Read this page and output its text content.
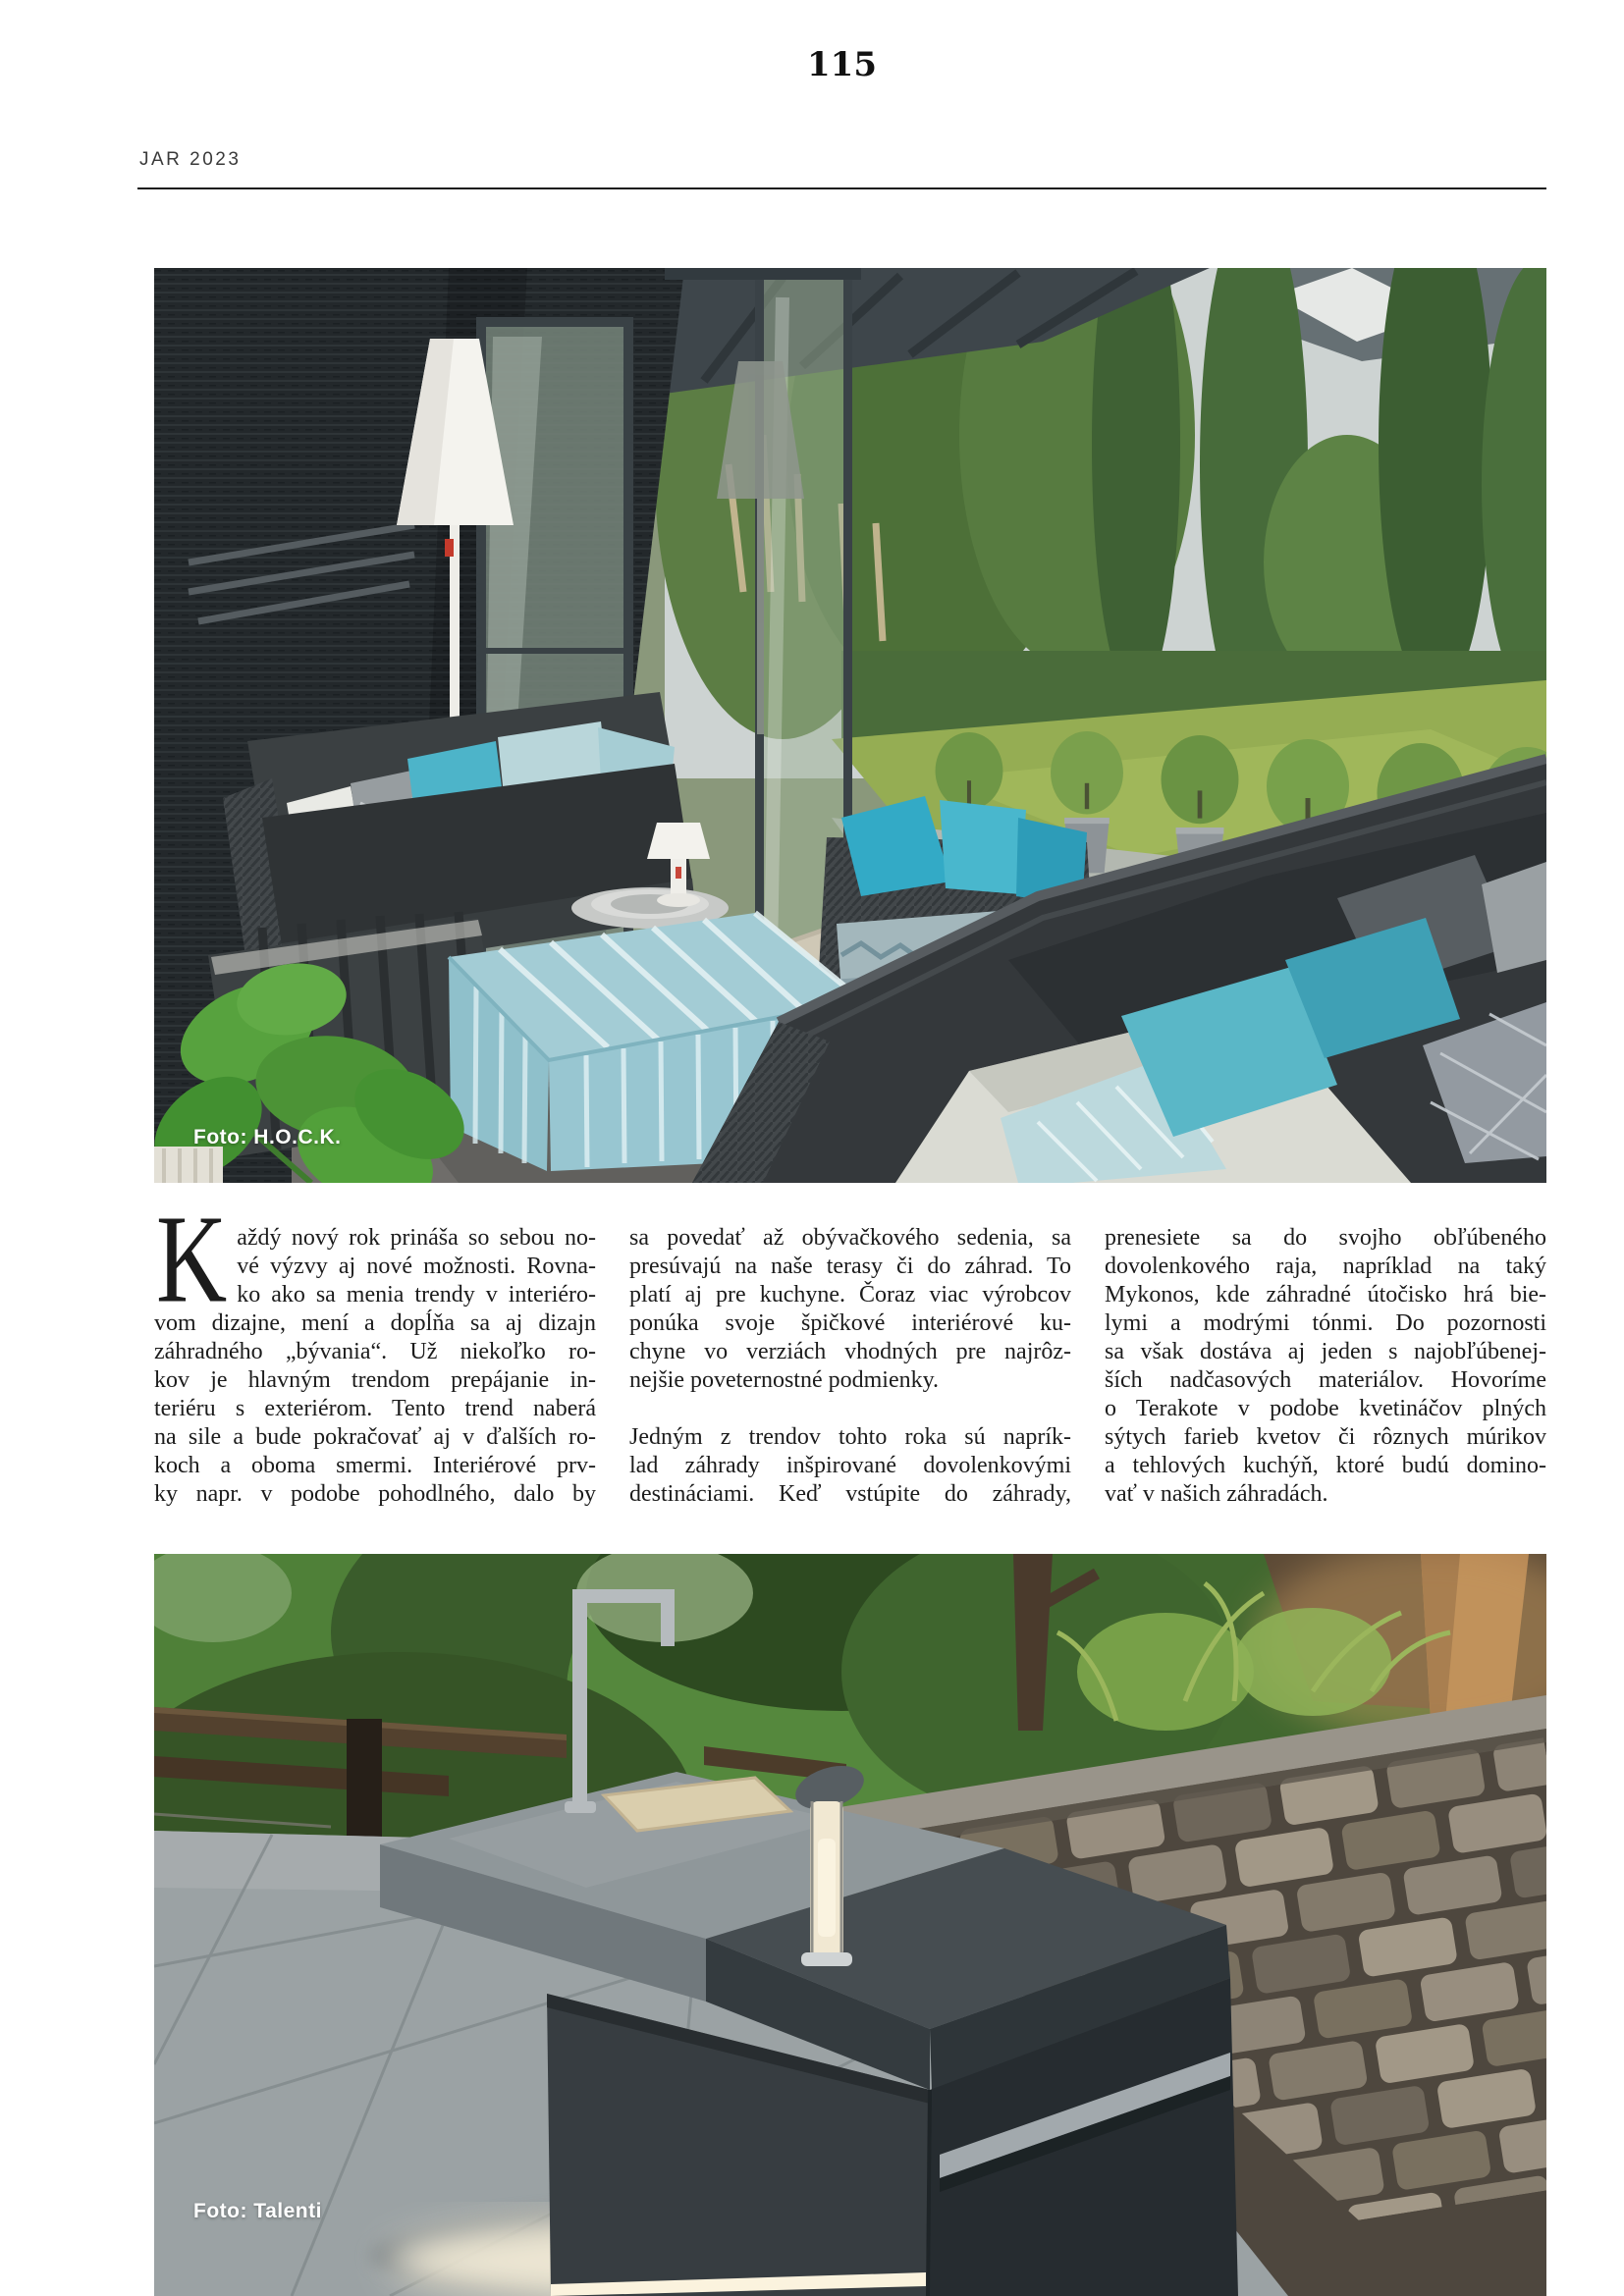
115
JAR 2023
Foto: H.O.C.K.
K aždý nový rok prináša so sebou no-
vé výzvy aj nové možnosti. Rovna-
ko ako sa menia trendy v interiéro-
vom dizajne, mení a dopĺňa sa aj dizajn
záhradného „bývania“. Už niekoľko ro-
kov je hlavným trendom prepájanie in-
teriéru s exteriérom. Tento trend naberá
na sile a bude pokračovať aj v ďalších ro-
koch a oboma smermi. Interiérové prv-
ky napr. v podobe pohodlného, dalo by
sa povedať až obývačkového sedenia, sa
presúvajú na naše terasy či do záhrad. To
platí aj pre kuchyne. Čoraz viac výrobcov
ponúka svoje špičkové interiérové ku-
chyne vo verziách vhodných pre najrôz-
nejšie poveternostné podmienky.
Jedným z trendov tohto roka sú naprík-
lad záhrady inšpirované dovolenkovými
destináciami. Keď vstúpite do záhrady,
prenesiete sa do svojho obľúbeného
dovolenkového raja, napríklad na taký
Mykonos, kde záhradné útočisko hrá bie-
lymi a modrými tónmi. Do pozornosti
sa však dostáva aj jeden s najobľúbenej-
ších nadčasových materiálov. Hovoríme
o Terakote v podobe kvetináčov plných
sýtych farieb kvetov či rôznych múrikov
a tehlových kuchýň, ktoré budú domino-
vať v našich záhradách.
Foto: Talenti
